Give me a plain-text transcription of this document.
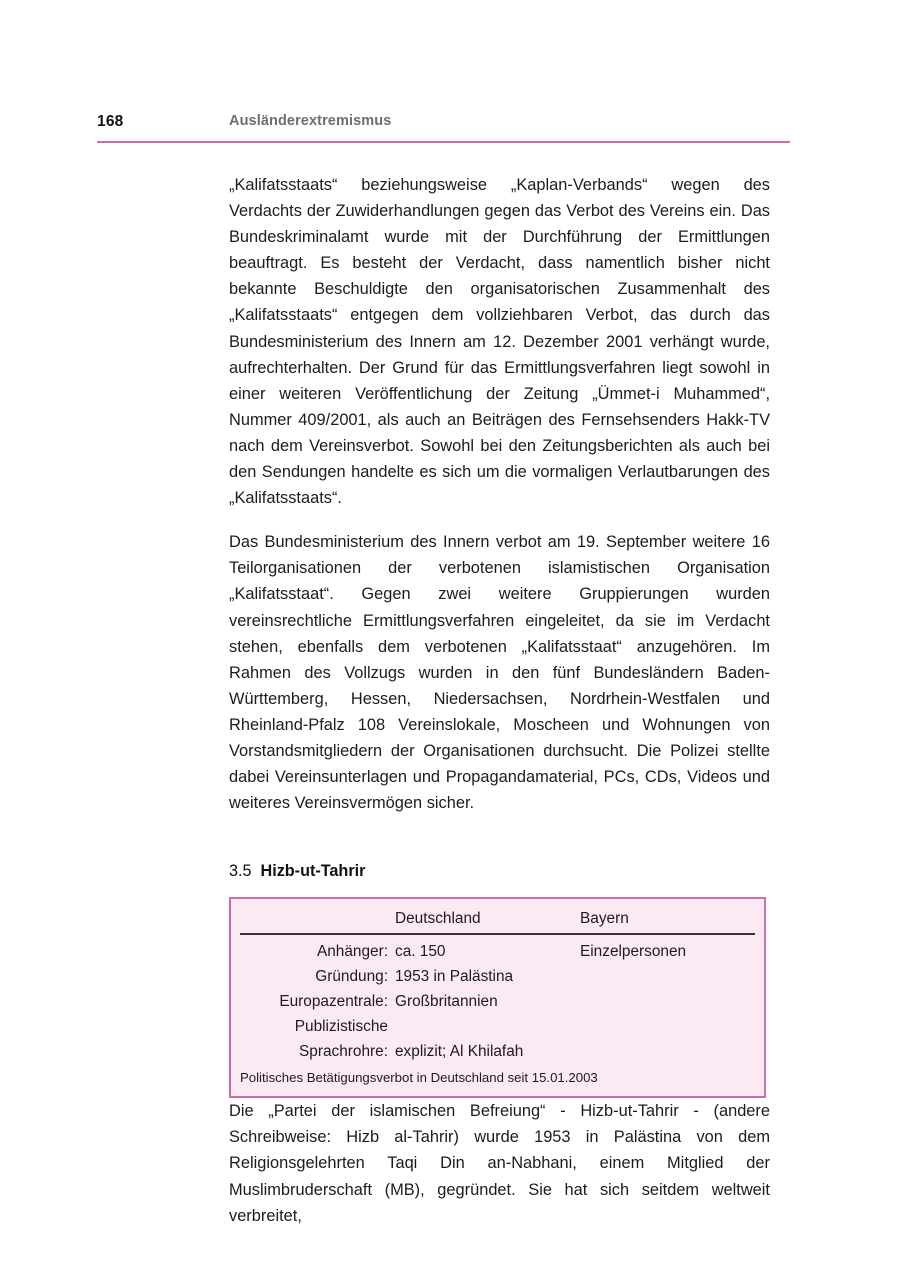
168	Ausländerextremismus

„Kalifatsstaats“ beziehungsweise „Kaplan-Verbands“ wegen des Verdachts der Zuwiderhandlungen gegen das Verbot des Vereins ein. Das Bundeskriminalamt wurde mit der Durchführung der Ermittlungen beauftragt. Es besteht der Verdacht, dass namentlich bisher nicht bekannte Beschuldigte den organisatorischen Zusammenhalt des „Kalifatsstaats“ entgegen dem vollziehbaren Verbot, das durch das Bundesministerium des Innern am 12. Dezember 2001 verhängt wurde, aufrechterhalten. Der Grund für das Ermittlungsverfahren liegt sowohl in einer weiteren Veröffentlichung der Zeitung „Ümmet-i Muhammed“, Nummer 409/2001, als auch an Beiträgen des Fernsehsenders Hakk-TV nach dem Vereinsverbot. Sowohl bei den Zeitungsberichten als auch bei den Sendungen handelte es sich um die vormaligen Verlautbarungen des „Kalifatsstaats“.

Das Bundesministerium des Innern verbot am 19. September weitere 16 Teilorganisationen der verbotenen islamistischen Organisation „Kalifatsstaat“. Gegen zwei weitere Gruppierungen wurden vereinsrechtliche Ermittlungsverfahren eingeleitet, da sie im Verdacht stehen, ebenfalls dem verbotenen „Kalifatsstaat“ anzugehören. Im Rahmen des Vollzugs wurden in den fünf Bundesländern Baden-Württemberg, Hessen, Niedersachsen, Nordrhein-Westfalen und Rheinland-Pfalz 108 Vereinslokale, Moscheen und Wohnungen von Vorstandsmitgliedern der Organisationen durchsucht. Die Polizei stellte dabei Vereinsunterlagen und Propagandamaterial, PCs, CDs, Videos und weiteres Vereinsvermögen sicher.

3.5 Hizb-ut-Tahrir
	Deutschland	Bayern

Anhänger:	ca. 150	Einzelpersonen
Gründung:	1953 in Palästina	
Europazentrale:	Großbritannien	
Publizistische		
Sprachrohre:	explizit; Al Khilafah	
Politisches Betätigungsverbot in Deutschland seit 15.01.2003

Die „Partei der islamischen Befreiung“ - Hizb-ut-Tahrir - (andere Schreibweise: Hizb al-Tahrir) wurde 1953 in Palästina von dem Religionsgelehrten Taqi Din an-Nabhani, einem Mitglied der Muslimbruderschaft (MB), gegründet. Sie hat sich seitdem weltweit verbreitet,
